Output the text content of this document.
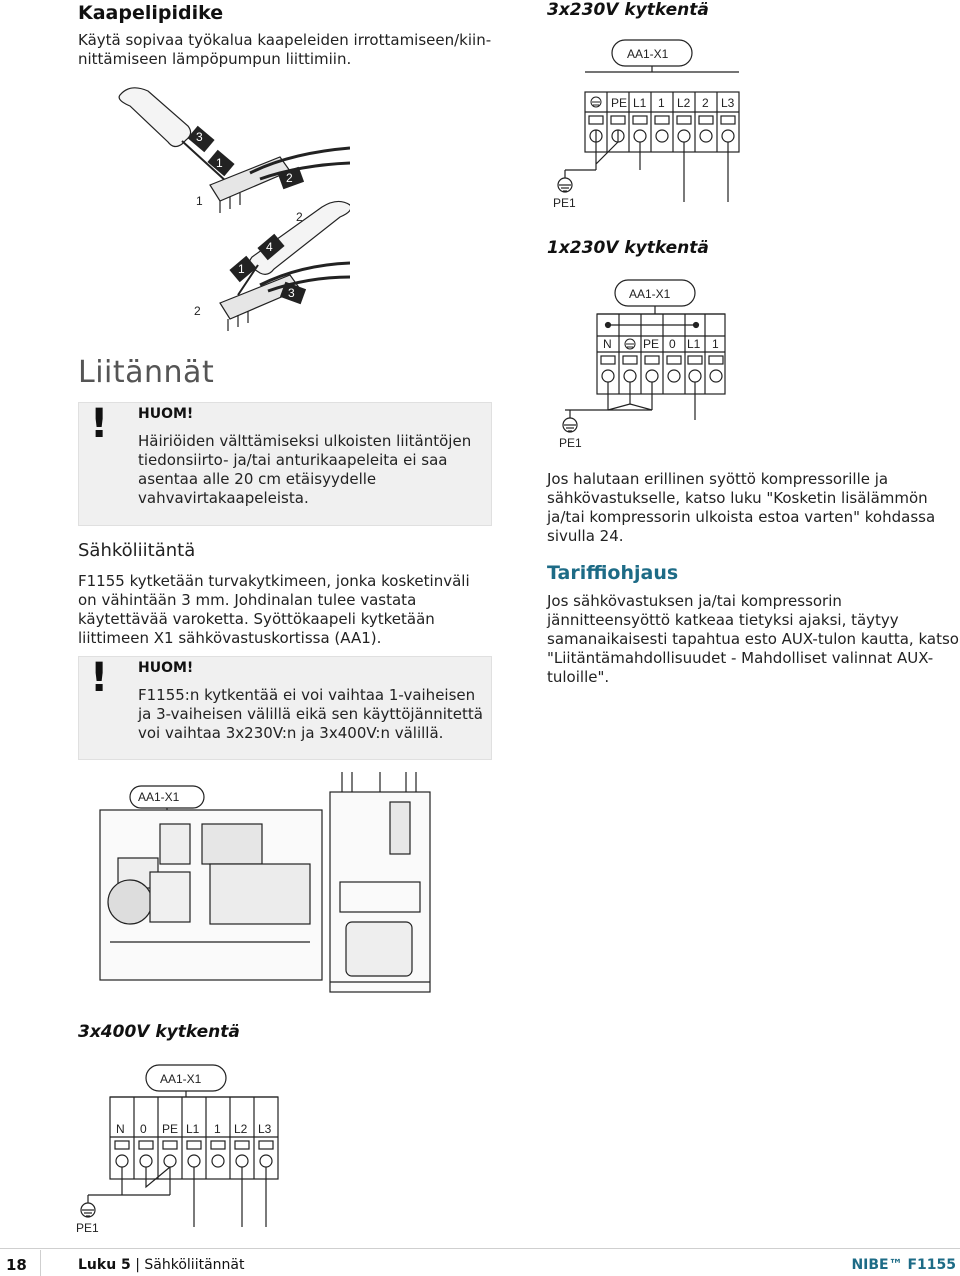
Kaapelipidike

Käytä sopivaa työkalua kaapeleiden irrottamiseen/kiin-nittämiseen lämpöpumpun liittimiin.

3
1
2
1
2
1
4
3
2
Liitännät
! HUOM!

Häiriöiden välttämiseksi ulkoisten liitäntöjen tiedonsiirto- ja/tai anturikaapeleita ei saa asentaa alle 20 cm etäisyydelle vahvavirtakaapeleista.

Sähköliitäntä

F1155 kytketään turvakytkimeen, jonka kosketinväli on vähintään 3 mm. Johdinalan tulee vastata käytettävää varoketta. Syöttökaapeli kytketään liittimeen X1 sähkövastuskortissa (AA1).

! HUOM!

F1155:n kytkentää ei voi vaihtaa 1-vaiheisen ja 3-vaiheisen välillä eikä sen käyttöjännitettä voi vaihtaa 3x230V:n ja 3x400V:n välillä.

3x230V kytkentä
AA1-X1
PE L1 1 L2 2 L3
PE1
1x230V kytkentä
AA1-X1
N	PE 0 L1 1
PE1

Jos halutaan erillinen syöttö kompressorille ja sähkövastukselle, katso luku "Kosketin lisälämmön ja/tai kompressorin ulkoista estoa varten" kohdassa sivulla 24.

Tariffiohjaus

Jos sähkövastuksen ja/tai kompressorin jännitteensyöttö katkeaa tietyksi ajaksi, täytyy samanaikaisesti tapahtua esto AUX-tulon kautta, katso "Liitäntämahdollisuudet - Mahdolliset valinnat AUX-tuloille".

AA1-X1
3x400V kytkentä
AA1-X1
N 0 PE L1 1 L2 L3
PE1
18	Luku 5 | Sähköliitännät	NIBE™ F1155
